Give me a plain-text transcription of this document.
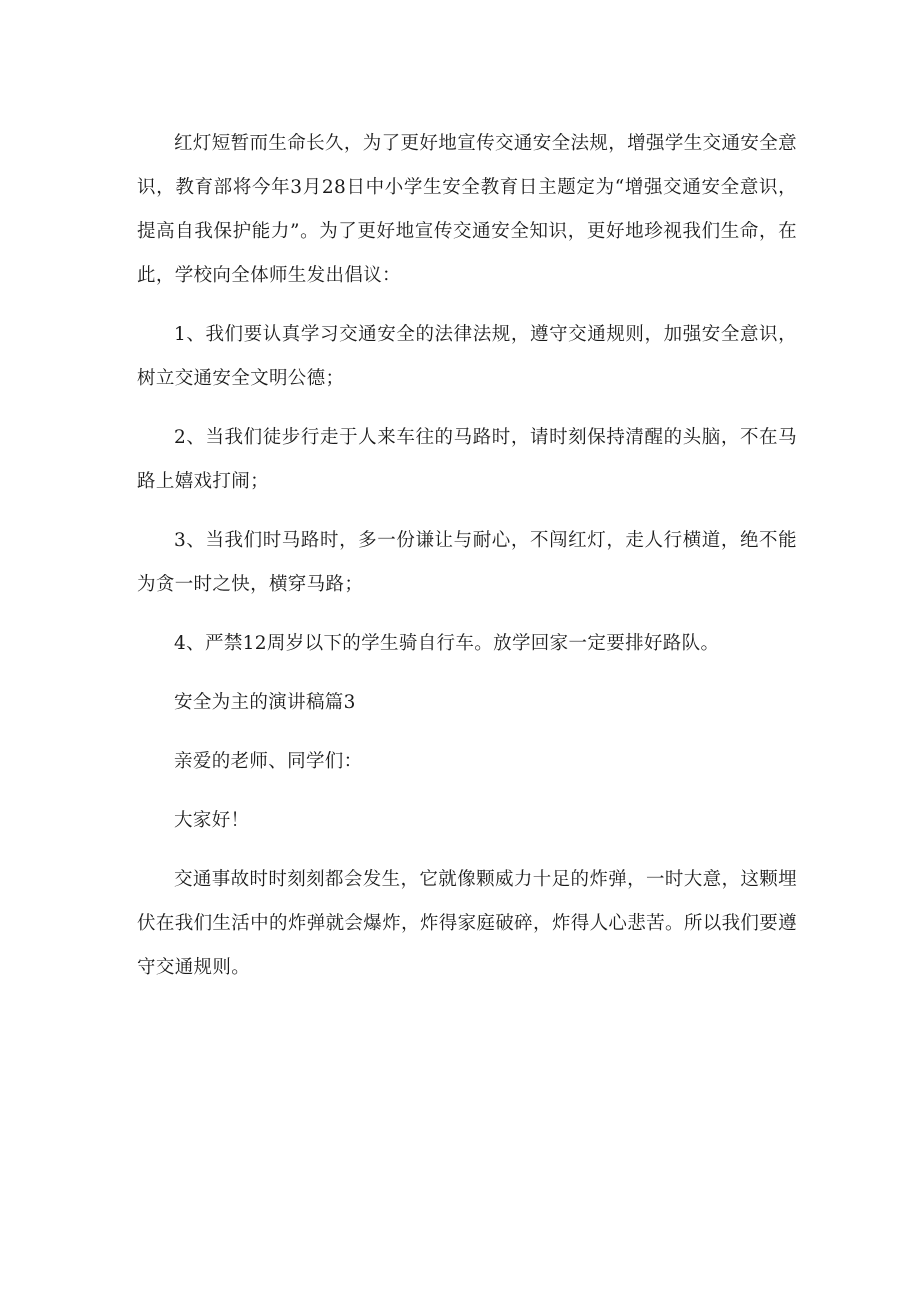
红灯短暂而生命长久，为了更好地宣传交通安全法规，增强学生交通安全意识，教育部将今年3月28日中小学生安全教育日主题定为“增强交通安全意识，提高自我保护能力”。为了更好地宣传交通安全知识，更好地珍视我们生命，在此，学校向全体师生发出倡议：

1、我们要认真学习交通安全的法律法规，遵守交通规则，加强安全意识，树立交通安全文明公德；

2、当我们徒步行走于人来车往的马路时，请时刻保持清醒的头脑，不在马路上嬉戏打闹；

3、当我们时马路时，多一份谦让与耐心，不闯红灯，走人行横道，绝不能为贪一时之快，横穿马路；

4、严禁12周岁以下的学生骑自行车。放学回家一定要排好路队。

安全为主的演讲稿篇3

亲爱的老师、同学们：

大家好！

交通事故时时刻刻都会发生，它就像颗威力十足的炸弹，一时大意，这颗埋伏在我们生活中的炸弹就会爆炸，炸得家庭破碎，炸得人心悲苦。所以我们要遵守交通规则。
